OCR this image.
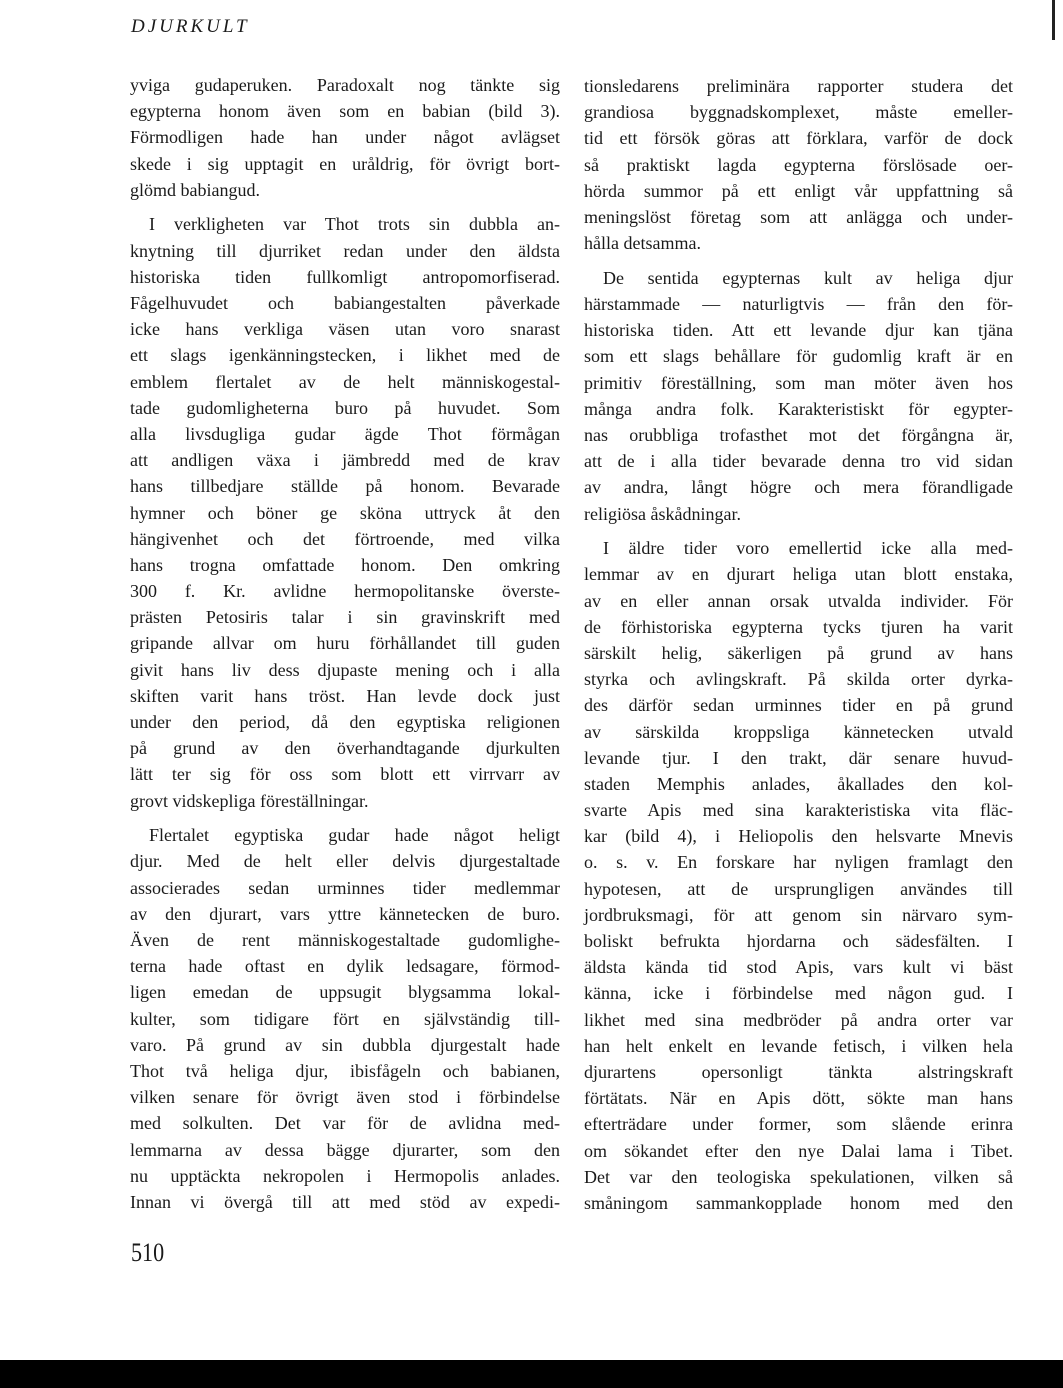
DJURKULT
yviga gudaperuken. Paradoxalt nog tänkte sig
egypterna honom även som en babian (bild 3).
Förmodligen hade han under något avlägset
skede i sig upptagit en uråldrig, för övrigt bort-
glömd babiangud.
I verkligheten var Thot trots sin dubbla an-
knytning till djurriket redan under den äldsta
historiska tiden fullkomligt antropomorfiserad.
Fågelhuvudet och babiangestalten påverkade
icke hans verkliga väsen utan voro snarast
ett slags igenkänningstecken, i likhet med de
emblem flertalet av de helt människogestal-
tade gudomligheterna buro på huvudet. Som
alla livsdugliga gudar ägde Thot förmågan
att andligen växa i jämbredd med de krav
hans tillbedjare ställde på honom. Bevarade
hymner och böner ge sköna uttryck åt den
hängivenhet och det förtroende, med vilka
hans trogna omfattade honom. Den omkring
300 f. Kr. avlidne hermopolitanske överste-
prästen Petosiris talar i sin gravinskrift med
gripande allvar om huru förhållandet till guden
givit hans liv dess djupaste mening och i alla
skiften varit hans tröst. Han levde dock just
under den period, då den egyptiska religionen
på grund av den överhandtagande djurkulten
lätt ter sig för oss som blott ett virrvarr av
grovt vidskepliga föreställningar.
Flertalet egyptiska gudar hade något heligt
djur. Med de helt eller delvis djurgestaltade
associerades sedan urminnes tider medlemmar
av den djurart, vars yttre kännetecken de buro.
Även de rent människogestaltade gudomlighe-
terna hade oftast en dylik ledsagare, förmod-
ligen emedan de uppsugit blygsamma lokal-
kulter, som tidigare fört en självständig till-
varo. På grund av sin dubbla djurgestalt hade
Thot två heliga djur, ibisfågeln och babianen,
vilken senare för övrigt även stod i förbindelse
med solkulten. Det var för de avlidna med-
lemmarna av dessa bägge djurarter, som den
nu upptäckta nekropolen i Hermopolis anlades.
Innan vi övergå till att med stöd av expedi-
tionsledarens preliminära rapporter studera det
grandiosa byggnadskomplexet, måste emeller-
tid ett försök göras att förklara, varför de dock
så praktiskt lagda egypterna förslösade oer-
hörda summor på ett enligt vår uppfattning så
meningslöst företag som att anlägga och under-
hålla detsamma.
De sentida egypternas kult av heliga djur
härstammade — naturligtvis — från den för-
historiska tiden. Att ett levande djur kan tjäna
som ett slags behållare för gudomlig kraft är en
primitiv föreställning, som man möter även hos
många andra folk. Karakteristiskt för egypter-
nas orubbliga trofasthet mot det förgångna är,
att de i alla tider bevarade denna tro vid sidan
av andra, långt högre och mera förandligade
religiösa åskådningar.
I äldre tider voro emellertid icke alla med-
lemmar av en djurart heliga utan blott enstaka,
av en eller annan orsak utvalda individer. För
de förhistoriska egypterna tycks tjuren ha varit
särskilt helig, säkerligen på grund av hans
styrka och avlingskraft. På skilda orter dyrka-
des därför sedan urminnes tider en på grund
av särskilda kroppsliga kännetecken utvald
levande tjur. I den trakt, där senare huvud-
staden Memphis anlades, åkallades den kol-
svarte Apis med sina karakteristiska vita fläc-
kar (bild 4), i Heliopolis den helsvarte Mnevis
o. s. v. En forskare har nyligen framlagt den
hypotesen, att de ursprungligen användes till
jordbruksmagi, för att genom sin närvaro sym-
boliskt befrukta hjordarna och sädesfälten. I
äldsta kända tid stod Apis, vars kult vi bäst
känna, icke i förbindelse med någon gud. I
likhet med sina medbröder på andra orter var
han helt enkelt en levande fetisch, i vilken hela
djurartens opersonligt tänkta alstringskraft
förtätats. När en Apis dött, sökte man hans
efterträdare under former, som slående erinra
om sökandet efter den nye Dalai lama i Tibet.
Det var den teologiska spekulationen, vilken så
småningom sammankopplade honom med den
510
